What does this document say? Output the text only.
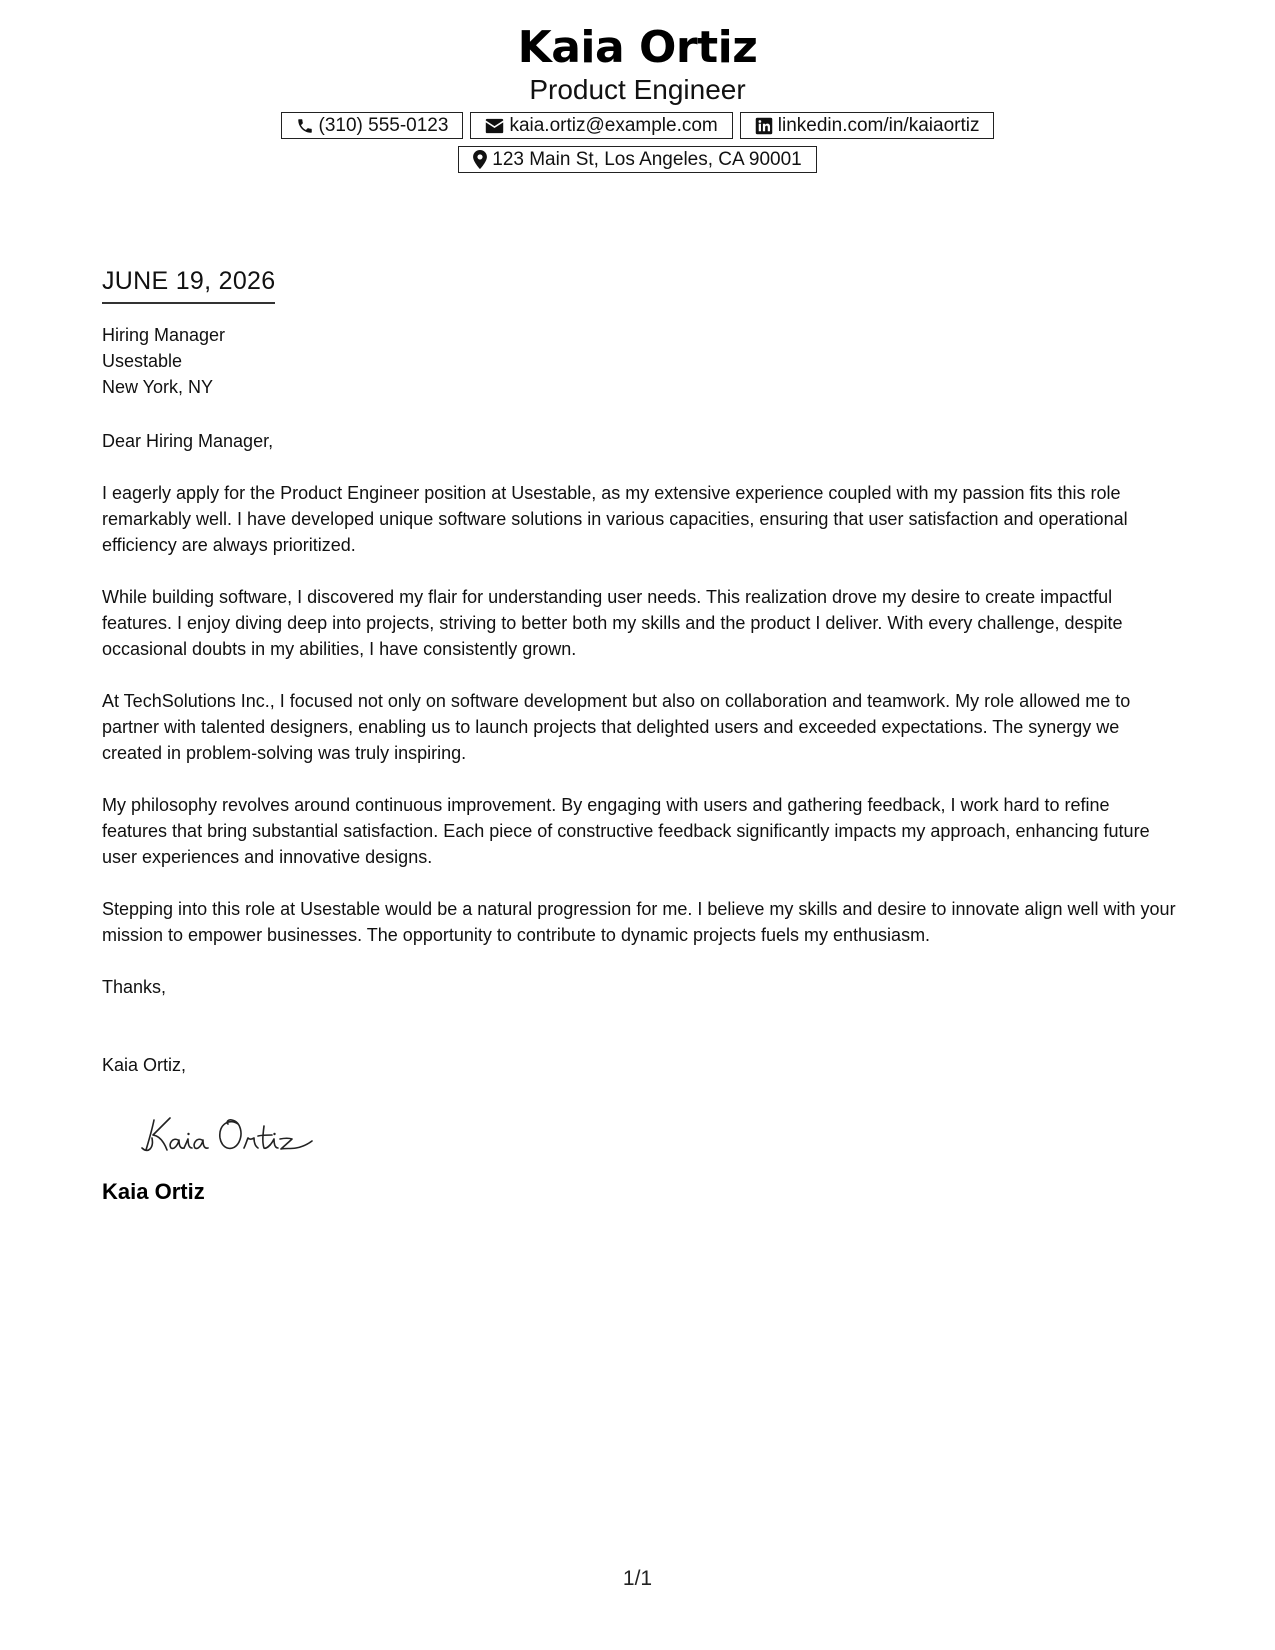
Kaia Ortiz
Product Engineer
(310) 555-0123	kaia.ortiz@example.com	linkedin.com/in/kaiaortiz
123 Main St, Los Angeles, CA 90001
JUNE 19, 2026
Hiring Manager
Usestable
New York, NY
Dear Hiring Manager,
I eagerly apply for the Product Engineer position at Usestable, as my extensive experience coupled with my passion fits this role remarkably well. I have developed unique software solutions in various capacities, ensuring that user satisfaction and operational efficiency are always prioritized.
While building software, I discovered my flair for understanding user needs. This realization drove my desire to create impactful features. I enjoy diving deep into projects, striving to better both my skills and the product I deliver. With every challenge, despite occasional doubts in my abilities, I have consistently grown.
At TechSolutions Inc., I focused not only on software development but also on collaboration and teamwork. My role allowed me to partner with talented designers, enabling us to launch projects that delighted users and exceeded expectations. The synergy we created in problem-solving was truly inspiring.
My philosophy revolves around continuous improvement. By engaging with users and gathering feedback, I work hard to refine features that bring substantial satisfaction. Each piece of constructive feedback significantly impacts my approach, enhancing future user experiences and innovative designs.
Stepping into this role at Usestable would be a natural progression for me. I believe my skills and desire to innovate align well with your mission to empower businesses. The opportunity to contribute to dynamic projects fuels my enthusiasm.
Thanks,
Kaia Ortiz,
Kaia Ortiz
1/1
